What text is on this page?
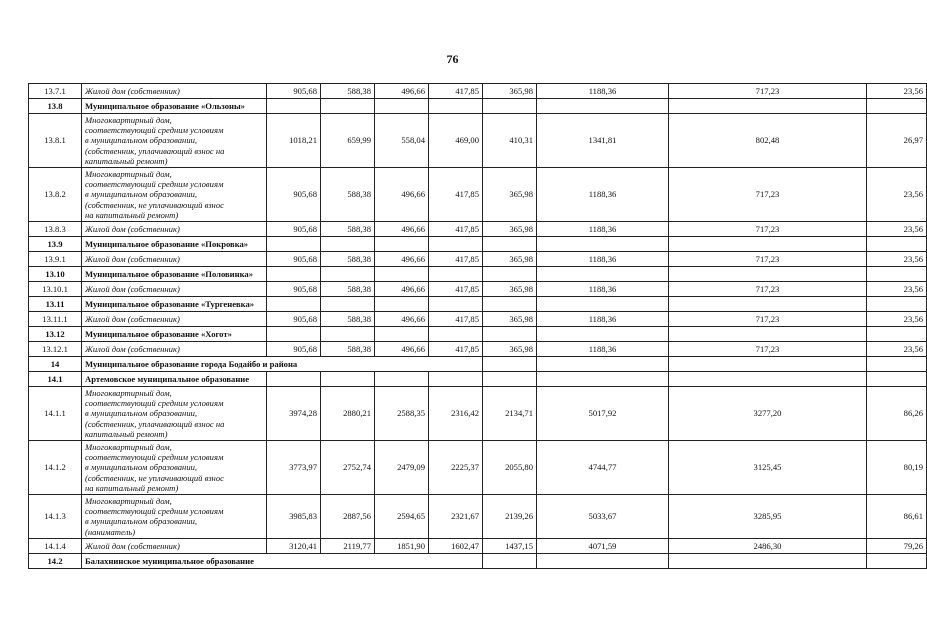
76
13.7.1	Жилой дом (собственник)	905,68	588,38	496,66	417,85	365,98	1188,36	717,23	23,56	
13.8	Муниципальное образование «Ользоны»									
13.8.1	Многоквартирный дом,
соответствующий средним условиям
в муниципальном образовании,
(собственник, уплачивающий взнос на
капитальный ремонт)	1018,21	659,99	558,04	469,00	410,31	1341,81	802,48	26,97	
13.8.2	Многоквартирный дом,
соответствующий средним условиям
в муниципальном образовании,
(собственник, не уплачивающий взнос
на капитальный ремонт)	905,68	588,38	496,66	417,85	365,98	1188,36	717,23	23,56	
13.8.3	Жилой дом (собственник)	905,68	588,38	496,66	417,85	365,98	1188,36	717,23	23,56	
13.9	Муниципальное образование «Покровка»									
13.9.1	Жилой дом (собственник)	905,68	588,38	496,66	417,85	365,98	1188,36	717,23	23,56	
13.10	Муниципальное образование «Половинка»									
13.10.1	Жилой дом (собственник)	905,68	588,38	496,66	417,85	365,98	1188,36	717,23	23,56	
13.11	Муниципальное образование «Тургеневка»									
13.11.1	Жилой дом (собственник)	905,68	588,38	496,66	417,85	365,98	1188,36	717,23	23,56	
13.12	Муниципальное образование «Хогот»									
13.12.1	Жилой дом (собственник)	905,68	588,38	496,66	417,85	365,98	1188,36	717,23	23,56	
14	Муниципальное образование города Бодайбо и района									
14.1	Артемовское муниципальное образование									
14.1.1	Многоквартирный дом,
соответствующий средним условиям
в муниципальном образовании,
(собственник, уплачивающий взнос на
капитальный ремонт)	3974,28	2880,21	2588,35	2316,42	2134,71	5017,92	3277,20	86,26	
14.1.2	Многоквартирный дом,
соответствующий средним условиям
в муниципальном образовании,
(собственник, не уплачивающий взнос
на капитальный ремонт)	3773,97	2752,74	2479,09	2225,37	2055,80	4744,77	3125,45	80,19	
14.1.3	Многоквартирный дом,
соответствующий средним условиям
в муниципальном образовании,
(наниматель)	3985,83	2887,56	2594,65	2321,67	2139,26	5033,67	3285,95	86,61	
14.1.4	Жилой дом (собственник)	3120,41	2119,77	1851,90	1602,47	1437,15	4071,59	2486,30	79,26	
14.2	Балахнинское муниципальное образование									
